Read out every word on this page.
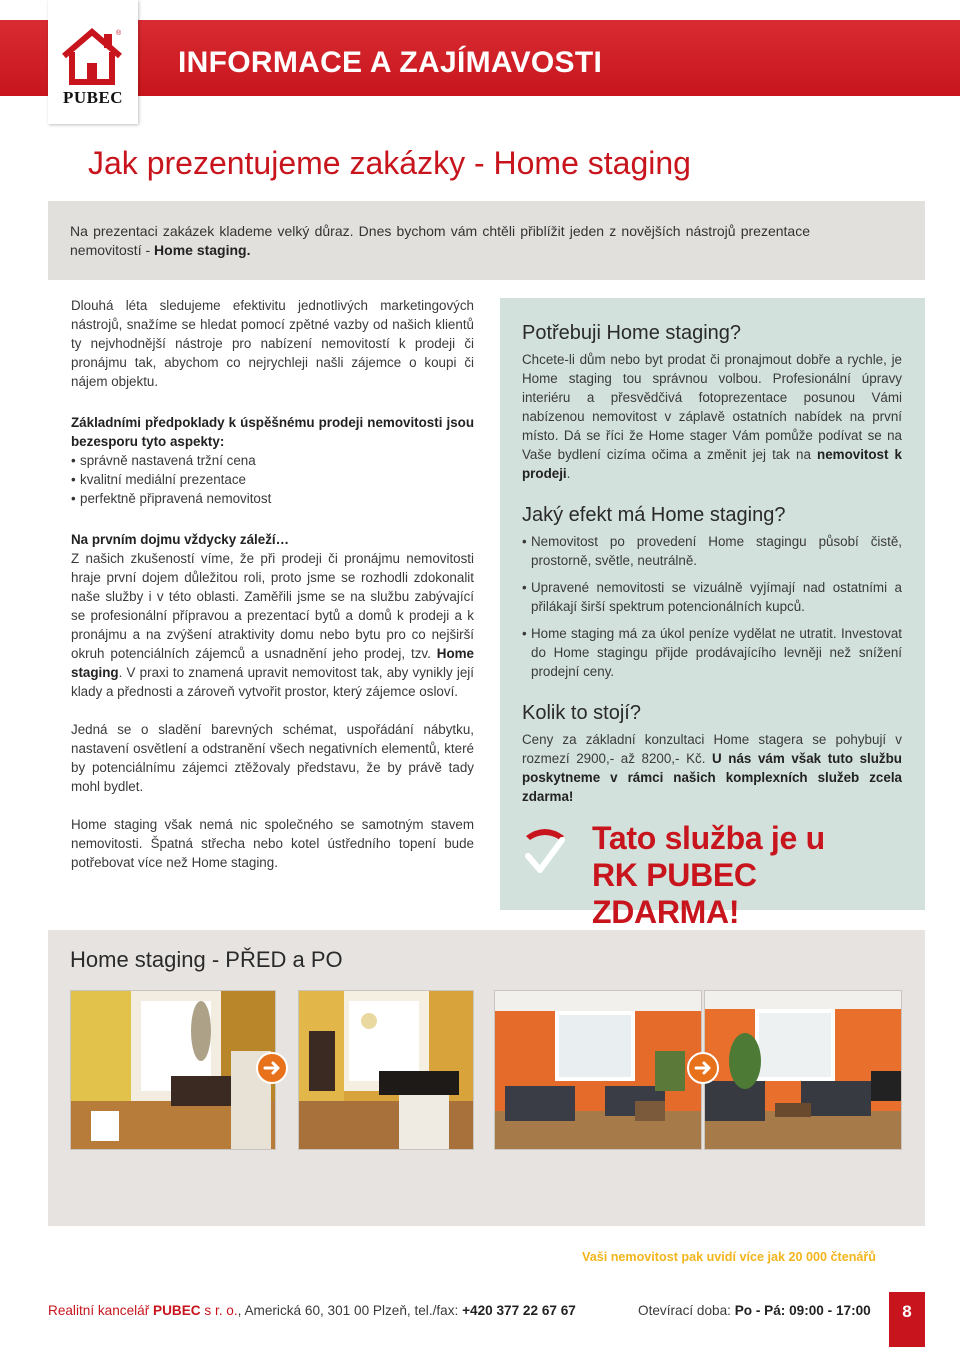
INFORMACE A ZAJÍMAVOSTI
®
PUBEC
Jak prezentujeme zakázky - Home staging
Na prezentaci zakázek klademe velký důraz. Dnes bychom vám chtěli přiblížit jeden z novějších nástrojů prezentace nemovitostí - Home staging.

Dlouhá léta sledujeme efektivitu jednotlivých marketingových nástrojů, snažíme se hledat pomocí zpětné vazby od našich klientů ty nejvhodnější nástroje pro nabízení nemovitostí k prodeji či pronájmu tak, abychom co nejrychleji našli zájemce o koupi či nájem objektu.

Základními předpoklady k úspěšnému prodeji nemovitosti jsou bezesporu tyto aspekty:

• správně nastavená tržní cena
• kvalitní mediální prezentace
• perfektně připravená nemovitost

Na prvním dojmu vždycky záleží…

Z našich zkušeností víme, že při prodeji či pronájmu nemovitosti hraje první dojem důležitou roli, proto jsme se rozhodli zdokonalit naše služby i v této oblasti. Zaměřili jsme se na službu zabývající se profesionální přípravou a prezentací bytů a domů k prodeji a k pronájmu a na zvýšení atraktivity domu nebo bytu pro co nejširší okruh potenciálních zájemců a usnadnění jeho prodej, tzv. Home staging. V praxi to znamená upravit nemovitost tak, aby vynikly její klady a přednosti a zároveň vytvořit prostor, který zájemce osloví.

Jedná se o sladění barevných schémat, uspořádání nábytku, nastavení osvětlení a odstranění všech negativních elementů, které by potenciálnímu zájemci ztěžovaly představu, že by právě tady mohl bydlet.

Home staging však nemá nic společného se samotným stavem nemovitosti. Špatná střecha nebo kotel ústředního topení bude potřebovat více než Home staging.

Potřebuji Home staging?

Chcete-li dům nebo byt prodat či pronajmout dobře a rychle, je Home staging tou správnou volbou. Profesionální úpravy interiéru a přesvědčivá fotoprezentace posunou Vámi nabízenou nemovitost v záplavě ostatních nabídek na první místo. Dá se říci že Home stager Vám pomůže podívat se na Vaše bydlení cizíma očima a změnit jej tak na nemovitost k prodeji.

Jaký efekt má Home staging?

• Nemovitost po provedení Home stagingu působí čistě, prostorně, světle, neutrálně.

• Upravené nemovitosti se vizuálně vyjímají nad ostatními a přilákají širší spektrum potencionálních kupců.

• Home staging má za úkol peníze vydělat ne utratit. Investovat do Home stagingu přijde prodávajícího levněji než snížení prodejní ceny.

Kolik to stojí?

Ceny za základní konzultaci Home stagera se pohybují v rozmezí 2900,- až 8200,- Kč. U nás vám však tuto službu poskytneme v rámci našich komplexních služeb zcela zdarma!

Tato služba je u
RK PUBEC ZDARMA!
Home staging - PŘED a PO
Vaši nemovitost pak uvidí více jak 20 000 čtenářů
Realitní kancelář PUBEC s r. o., Americká 60, 301 00 Plzeň, tel./fax: +420 377 22 67 67	Otevírací doba: Po - Pá: 09:00 - 17:00	8
